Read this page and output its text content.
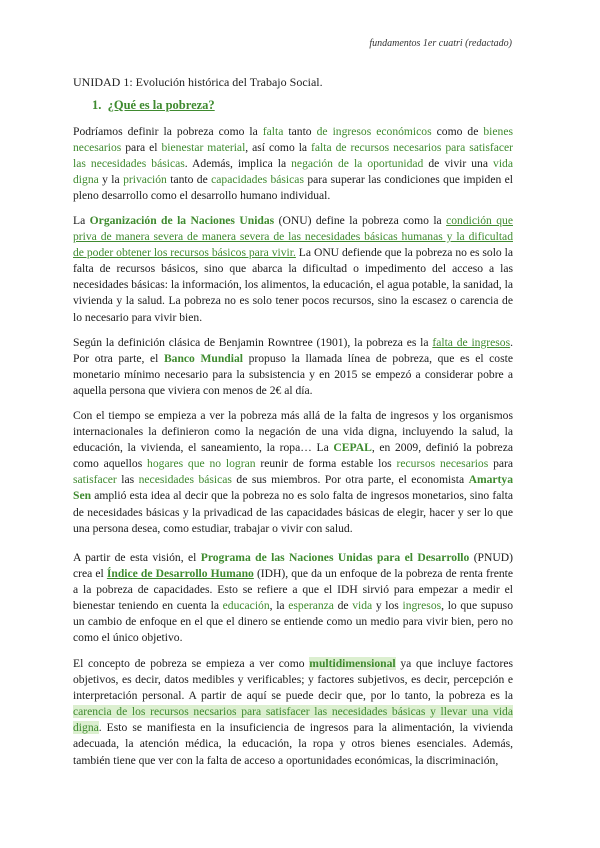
fundamentos 1er cuatri (redactado)
UNIDAD 1: Evolución histórica del Trabajo Social.
1. ¿Qué es la pobreza?

Podríamos definir la pobreza como la falta tanto de ingresos económicos como de bienes necesarios para el bienestar material, así como la falta de recursos necesarios para satisfacer las necesidades básicas. Además, implica la negación de la oportunidad de vivir una vida digna y la privación tanto de capacidades básicas para superar las condiciones que impiden el pleno desarrollo como el desarrollo humano individual.

La Organización de la Naciones Unidas (ONU) define la pobreza como la condición que priva de manera severa de manera severa de las necesidades básicas humanas y la dificultad de poder obtener los recursos básicos para vivir. La ONU defiende que la pobreza no es solo la falta de recursos básicos, sino que abarca la dificultad o impedimento del acceso a las necesidades básicas: la información, los alimentos, la educación, el agua potable, la sanidad, la vivienda y la salud. La pobreza no es solo tener pocos recursos, sino la escasez o carencia de lo necesario para vivir bien.

Según la definición clásica de Benjamin Rowntree (1901), la pobreza es la falta de ingresos. Por otra parte, el Banco Mundial propuso la llamada línea de pobreza, que es el coste monetario mínimo necesario para la subsistencia y en 2015 se empezó a considerar pobre a aquella persona que viviera con menos de 2€ al día.

Con el tiempo se empieza a ver la pobreza más allá de la falta de ingresos y los organismos internacionales la definieron como la negación de una vida digna, incluyendo la salud, la educación, la vivienda, el saneamiento, la ropa… La CEPAL, en 2009, definió la pobreza como aquellos hogares que no logran reunir de forma estable los recursos necesarios para satisfacer las necesidades básicas de sus miembros. Por otra parte, el economista Amartya Sen amplió esta idea al decir que la pobreza no es solo falta de ingresos monetarios, sino falta de necesidades básicas y la privadicad de las capacidades básicas de elegir, hacer y ser lo que una persona desea, como estudiar, trabajar o vivir con salud.

A partir de esta visión, el Programa de las Naciones Unidas para el Desarrollo (PNUD) crea el Índice de Desarrollo Humano (IDH), que da un enfoque de la pobreza de renta frente a la pobreza de capacidades. Esto se refiere a que el IDH sirvió para empezar a medir el bienestar teniendo en cuenta la educación, la esperanza de vida y los ingresos, lo que supuso un cambio de enfoque en el que el dinero se entiende como un medio para vivir bien, pero no como el único objetivo.

El concepto de pobreza se empieza a ver como multidimensional ya que incluye factores objetivos, es decir, datos medibles y verificables; y factores subjetivos, es decir, percepción e interpretación personal. A partir de aquí se puede decir que, por lo tanto, la pobreza es la carencia de los recursos necsarios para satisfacer las necesidades básicas y llevar una vida digna. Esto se manifiesta en la insuficiencia de ingresos para la alimentación, la vivienda adecuada, la atención médica, la educación, la ropa y otros bienes esenciales. Además, también tiene que ver con la falta de acceso a oportunidades económicas, la discriminación,
